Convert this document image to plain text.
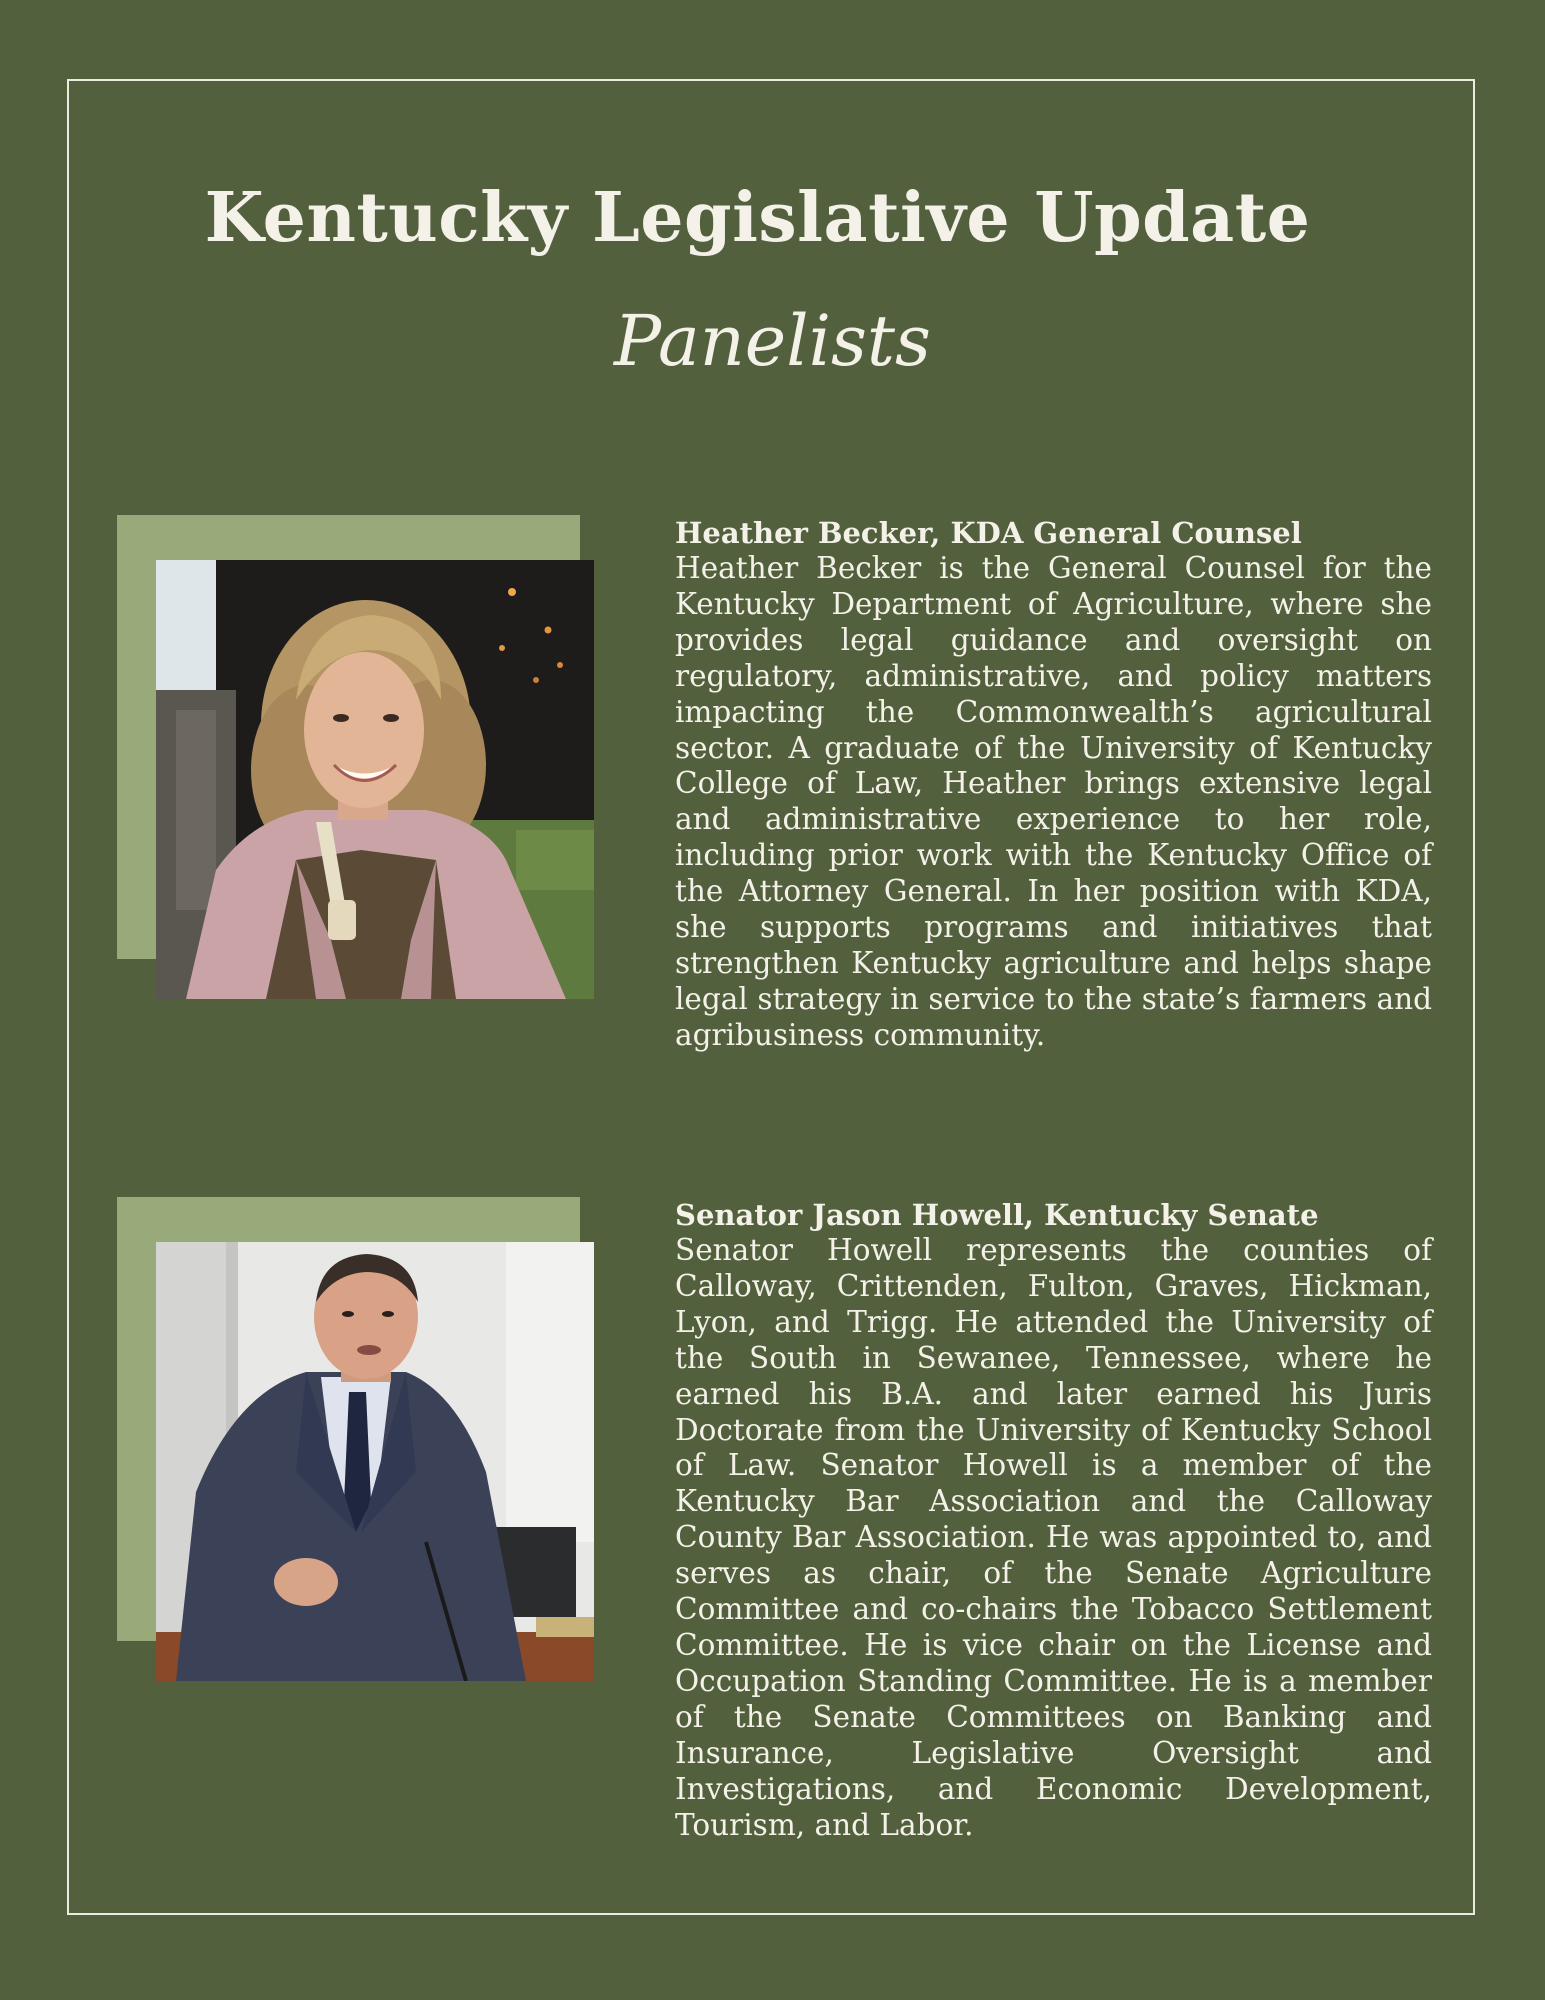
Kentucky Legislative Update
Panelists
Heather Becker, KDA General Counsel

Heather Becker is the General Counsel for the Kentucky Department of Agriculture, where she provides legal guidance and oversight on regulatory, administrative, and policy matters impacting the Commonwealth’s agricultural sector. A graduate of the University of Kentucky College of Law, Heather brings extensive legal and administrative experience to her role, including prior work with the Kentucky Office of the Attorney General. In her position with KDA, she supports programs and initiatives that strengthen Kentucky agriculture and helps shape legal strategy in service to the state’s farmers and agribusiness community.

Senator Jason Howell, Kentucky Senate

Senator Howell represents the counties of Calloway, Crittenden, Fulton, Graves, Hickman, Lyon, and Trigg. He attended the University of the South in Sewanee, Tennessee, where he earned his B.A. and later earned his Juris Doctorate from the University of Kentucky School of Law. Senator Howell is a member of the Kentucky Bar Association and the Calloway County Bar Association. He was appointed to, and serves as chair, of the Senate Agriculture Committee and co-chairs the Tobacco Settlement Committee. He is vice chair on the License and Occupation Standing Committee. He is a member of the Senate Committees on Banking and Insurance, Legislative Oversight and Investigations, and Economic Development, Tourism, and Labor.
